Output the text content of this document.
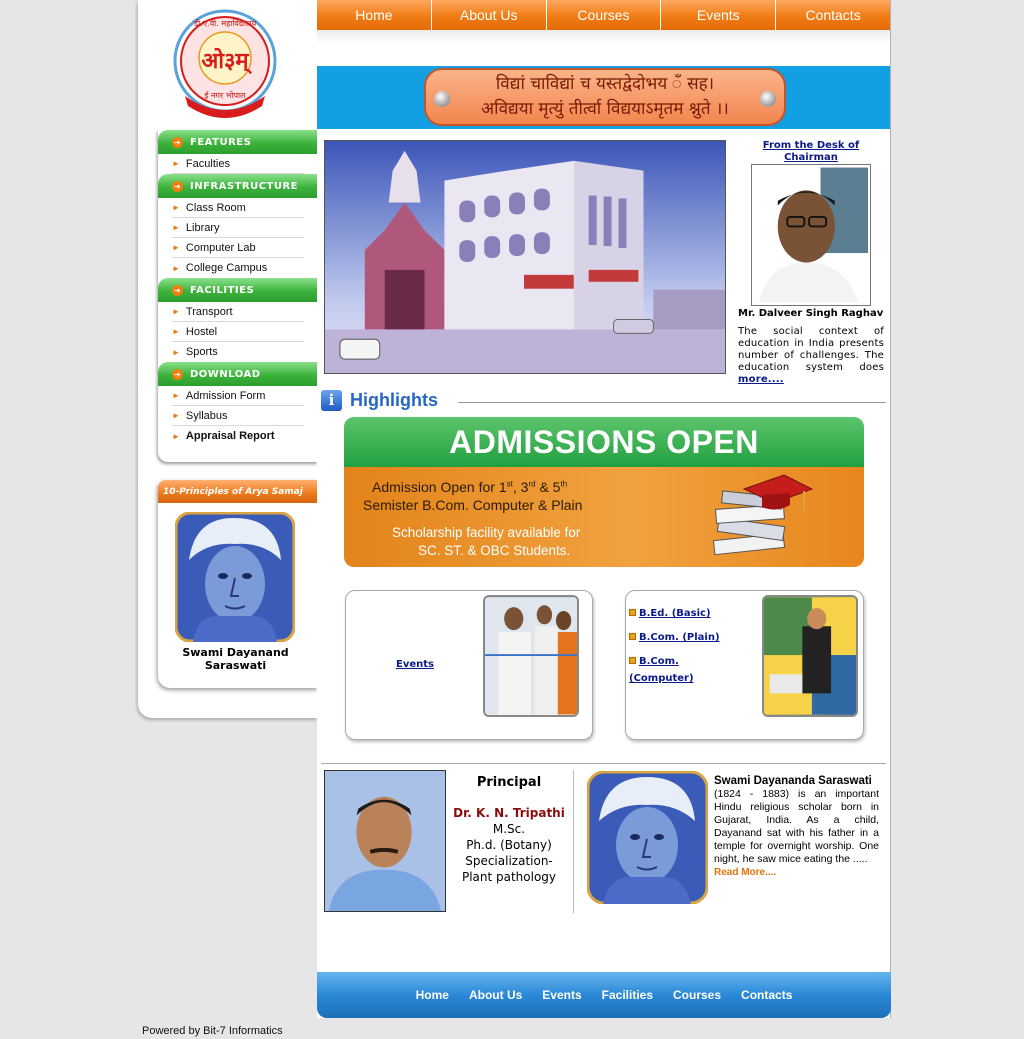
ओ३म्
डी.ए.वी. महाविद्यालय
ई नगर भोपाल
➜ FEATURES
► Faculties
➜ INFRASTRUCTURE
► Class Room
► Library
► Computer Lab
► College Campus
➜ FACILITIES
► Transport
► Hostel
► Sports
➜ DOWNLOAD
► Admission Form
► Syllabus
► Appraisal Report
10-Principles of Arya Samaj
Swami Dayanand Saraswati
Powered by Bit-7 Informatics
Home	About Us	Courses	Events	Contacts
विद्यां चाविद्यां च यस्तद्वेदोभय ँ सह।
अविद्यया मृत्युं तीर्त्वा विद्ययाऽमृतम श्नुते ।।
From the Desk of Chairman
Mr. Dalveer Singh Raghav
The social context of education in India presents number of challenges. The education system does more....
i Highlights
ADMISSIONS OPEN
Admission Open for 1st, 3rd & 5th
Semister B.Com. Computer & Plain
Scholarship facility available for
SC. ST. & OBC Students.
Events
B.Ed. (Basic)
B.Com. (Plain)
B.Com. (Computer)
Principal
Dr. K. N. Tripathi
M.Sc.
Ph.d. (Botany)
Specialization-
Plant pathology
Swami Dayananda Saraswati
(1824 - 1883) is an important Hindu religious scholar born in Gujarat, India. As a child, Dayanand sat with his father in a temple for overnight worship. One night, he saw mice eating the .....
Read More....
Home About Us Events Facilities Courses Contacts
